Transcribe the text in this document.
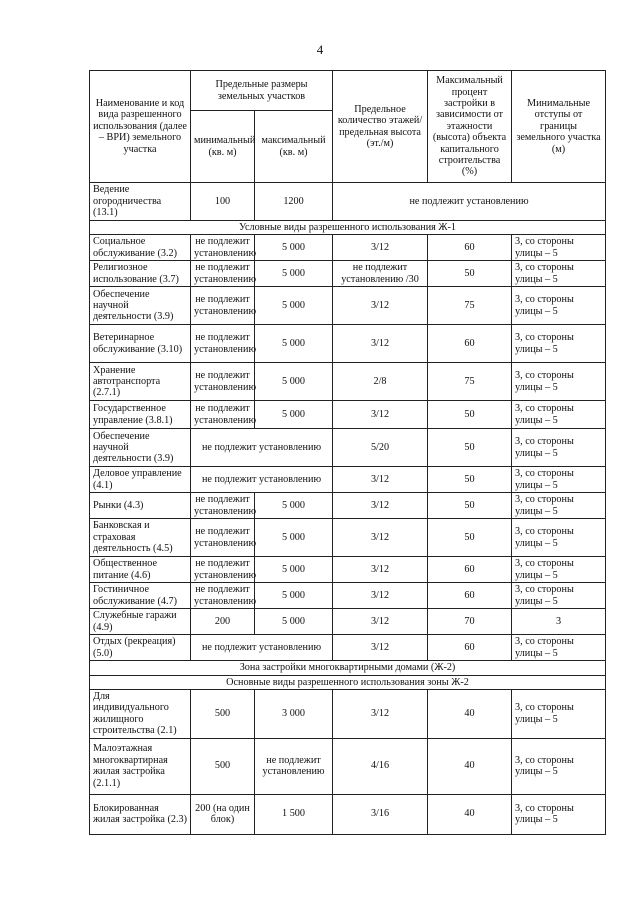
4
Наименование и код вида разрешенного использования (далее – ВРИ) земельного участка	Предельные размеры земельных участков		Предельное количество этажей/предельная высота (эт./м)	Максимальный процент застройки в зависимости от этажности (высота) объекта капитального строительства (%)	Минимальные отступы от границы земельного участка (м)
	минимальный (кв. м)	максимальный (кв. м)			
Ведение огородничества (13.1)	100	1200	не подлежит установлению		
Условные виды разрешенного использования Ж-1					
Социальное обслуживание (3.2)	не подлежит установлению	5 000	3/12	60	3, со стороны улицы – 5
Религиозное использование (3.7)	не подлежит установлению	5 000	не подлежит установлению /30	50	3, со стороны улицы – 5
Обеспечение научной деятельности (3.9)	не подлежит установлению	5 000	3/12	75	3, со стороны улицы – 5
Ветеринарное обслуживание (3.10)	не подлежит установлению	5 000	3/12	60	3, со стороны улицы – 5
Хранение автотранспорта (2.7.1)	не подлежит установлению	5 000	2/8	75	3, со стороны улицы – 5
Государственное управление (3.8.1)	не подлежит установлению	5 000	3/12	50	3, со стороны улицы – 5
Обеспечение научной деятельности (3.9)	не подлежит установлению		5/20	50	3, со стороны улицы – 5
Деловое управление (4.1)	не подлежит установлению		3/12	50	3, со стороны улицы – 5
Рынки (4.3)	не подлежит установлению	5 000	3/12	50	3, со стороны улицы – 5
Банковская и страховая деятельность (4.5)	не подлежит установлению	5 000	3/12	50	3, со стороны улицы – 5
Общественное питание (4.6)	не подлежит установлению	5 000	3/12	60	3, со стороны улицы – 5
Гостиничное обслуживание (4.7)	не подлежит установлению	5 000	3/12	60	3, со стороны улицы – 5
Служебные гаражи (4.9)	200	5 000	3/12	70	3
Отдых (рекреация) (5.0)	не подлежит установлению		3/12	60	3, со стороны улицы – 5
Зона застройки многоквартирными домами (Ж-2)					
Основные виды разрешенного использования зоны Ж-2					
Для индивидуального жилищного строительства (2.1)	500	3 000	3/12	40	3, со стороны улицы – 5
Малоэтажная многоквартирная жилая застройка (2.1.1)	500	не подлежит установлению	4/16	40	3, со стороны улицы – 5
Блокированная жилая застройка (2.3)	200 (на один блок)	1 500	3/16	40	3, со стороны улицы – 5
